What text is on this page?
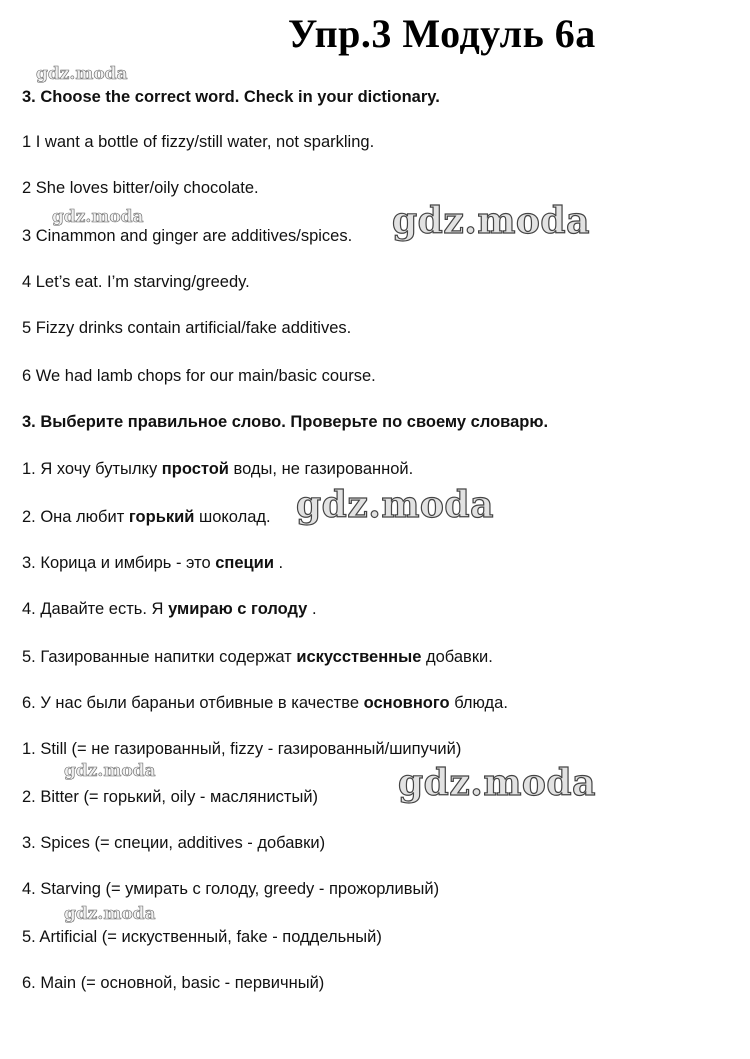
Упр.3 Модуль 6а
3. Choose the correct word. Check in your dictionary.
1 I want a bottle of fizzy/still water, not sparkling.
2 She loves bitter/oily chocolate.
3 Cinammon and ginger are additives/spices.
4 Let’s eat. I’m starving/greedy.
5 Fizzy drinks contain artificial/fake additives.
6 We had lamb chops for our main/basic course.
3. Выберите правильное слово. Проверьте по своему словарю.
1. Я хочу бутылку простой воды, не газированной.
2. Она любит горький шоколад.
3. Корица и имбирь - это специи .
4. Давайте есть. Я умираю с голоду .
5. Газированные напитки содержат искусственные добавки.
6. У нас были бараньи отбивные в качестве основного блюда.
1. Still (= не газированный, fizzy - газированный/шипучий)
2. Bitter (= горький, oily - маслянистый)
3. Spices (= специи, additives - добавки)
4. Starving (= умирать с голоду, greedy - прожорливый)
5. Artificial (= искуственный, fake - поддельный)
6. Main (= основной, basic - первичный)
gdz.moda
gdz.moda	gdz.moda
gdz.moda
gdz.moda	gdz.moda
gdz.moda
